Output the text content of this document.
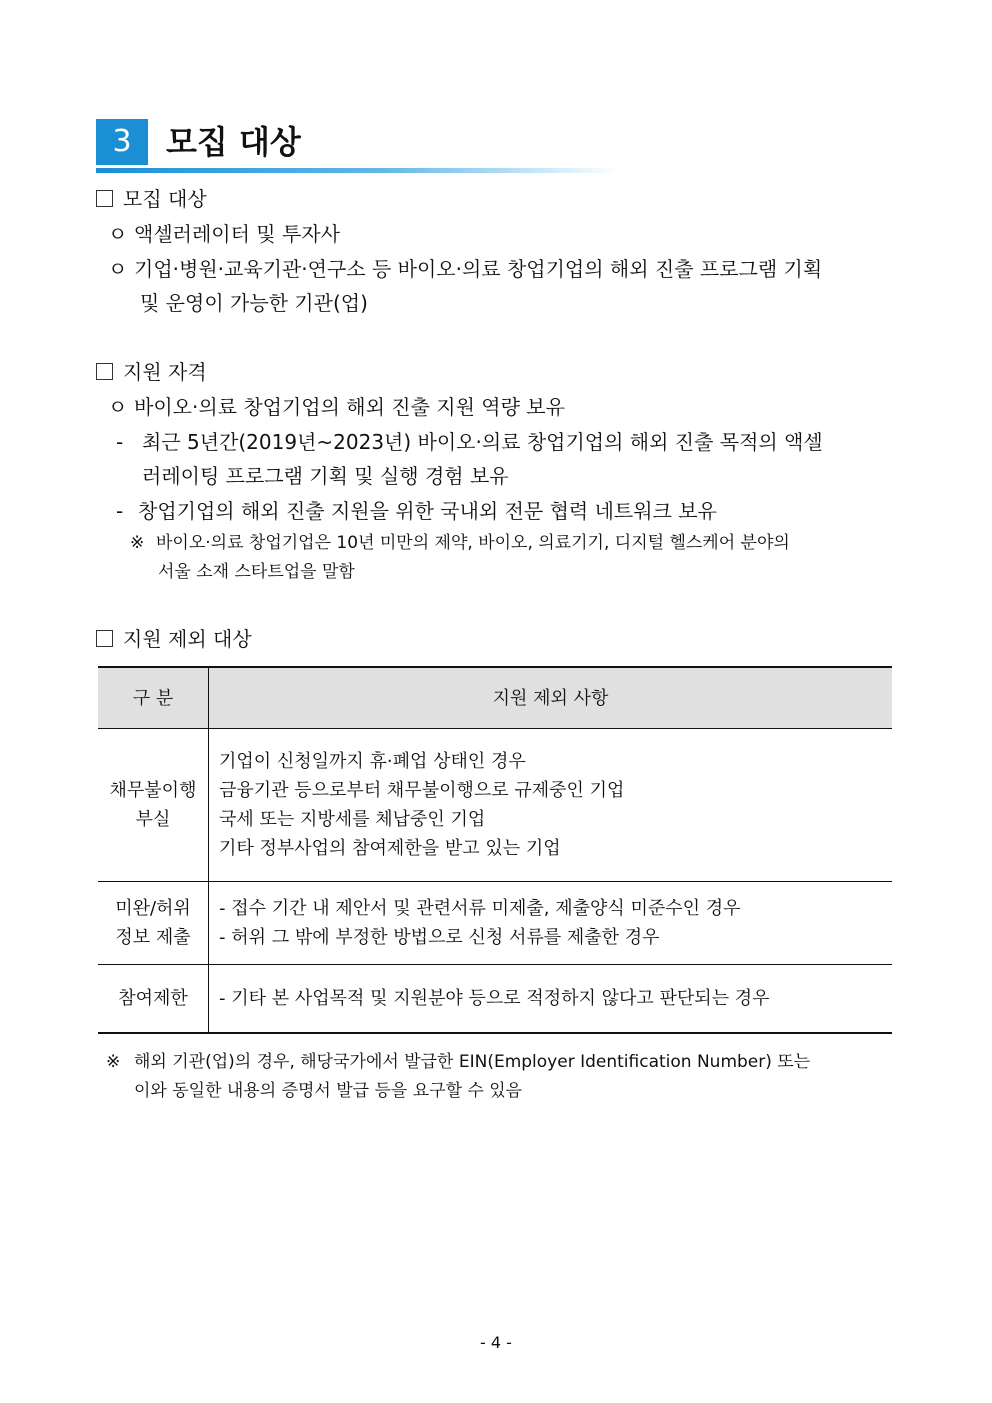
3	모집 대상
모집 대상
ㅇ 액셀러레이터 및 투자사
ㅇ 기업·병원·교육기관·연구소 등 바이오·의료 창업기업의 해외 진출 프로그램 기획
및 운영이 가능한 기관(업)
지원 자격
ㅇ 바이오·의료 창업기업의 해외 진출 지원 역량 보유
- 최근 5년간(2019년~2023년) 바이오·의료 창업기업의 해외 진출 목적의 액셀
러레이팅 프로그램 기획 및 실행 경험 보유
- 창업기업의 해외 진출 지원을 위한 국내외 전문 협력 네트워크 보유
※ 바이오·의료 창업기업은 10년 미만의 제약, 바이오, 의료기기, 디지털 헬스케어 분야의
서울 소재 스타트업을 말함
지원 제외 대상
구 분	지원 제외 사항

채무불이행
부실	기업이 신청일까지 휴·폐업 상태인 경우
금융기관 등으로부터 채무불이행으로 규제중인 기업
국세 또는 지방세를 체납중인 기업
기타 정부사업의 참여제한을 받고 있는 기업

미완/허위
정보 제출	- 접수 기간 내 제안서 및 관련서류 미제출, 제출양식 미준수인 경우
- 허위 그 밖에 부정한 방법으로 신청 서류를 제출한 경우

참여제한	- 기타 본 사업목적 및 지원분야 등으로 적정하지 않다고 판단되는 경우
※ 해외 기관(업)의 경우, 해당국가에서 발급한 EIN(Employer Identification Number) 또는
이와 동일한 내용의 증명서 발급 등을 요구할 수 있음
- 4 -
